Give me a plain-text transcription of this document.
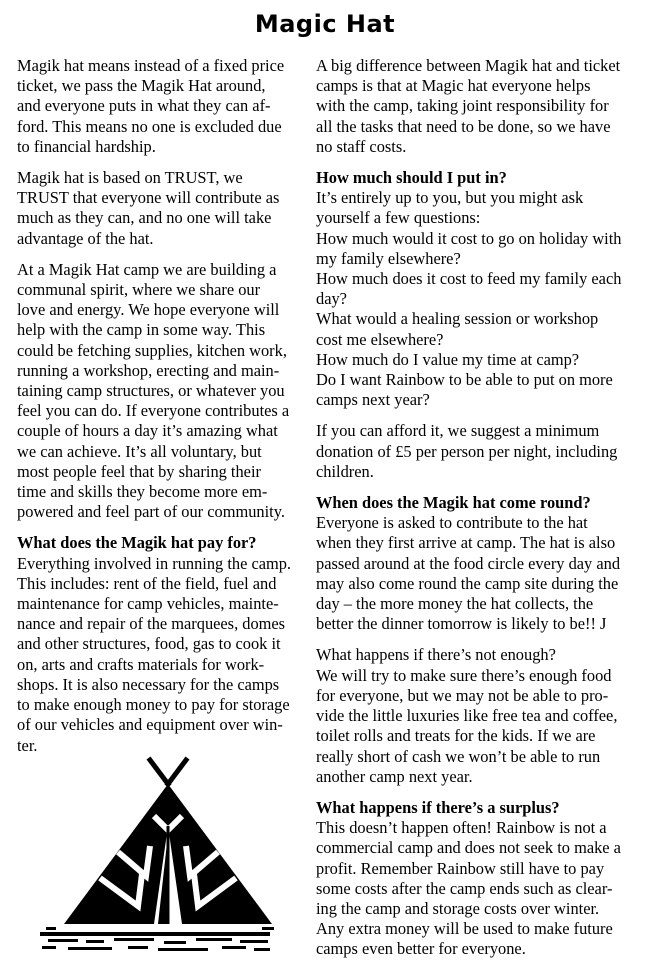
Magic Hat

Magik hat means instead of a fixed price
ticket, we pass the Magik Hat around,
and everyone puts in what they can af-
ford. This means no one is excluded due
to financial hardship.

Magik hat is based on TRUST, we
TRUST that everyone will contribute as
much as they can, and no one will take
advantage of the hat.

At a Magik Hat camp we are building a
communal spirit, where we share our
love and energy. We hope everyone will
help with the camp in some way. This
could be fetching supplies, kitchen work,
running a workshop, erecting and main-
taining camp structures, or whatever you
feel you can do. If everyone contributes a
couple of hours a day it’s amazing what
we can achieve. It’s all voluntary, but
most people feel that by sharing their
time and skills they become more em-
powered and feel part of our community.

What does the Magik hat pay for?

Everything involved in running the camp.
This includes: rent of the field, fuel and
maintenance for camp vehicles, mainte-
nance and repair of the marquees, domes
and other structures, food, gas to cook it
on, arts and crafts materials for work-
shops. It is also necessary for the camps
to make enough money to pay for storage
of our vehicles and equipment over win-
ter.

A big difference between Magik hat and ticket
camps is that at Magic hat everyone helps
with the camp, taking joint responsibility for
all the tasks that need to be done, so we have
no staff costs.

How much should I put in?

It’s entirely up to you, but you might ask
yourself a few questions:
How much would it cost to go on holiday with
my family elsewhere?
How much does it cost to feed my family each
day?
What would a healing session or workshop
cost me elsewhere?
How much do I value my time at camp?
Do I want Rainbow to be able to put on more
camps next year?

If you can afford it, we suggest a minimum
donation of £5 per person per night, including
children.

When does the Magik hat come round?

Everyone is asked to contribute to the hat
when they first arrive at camp. The hat is also
passed around at the food circle every day and
may also come round the camp site during the
day – the more money the hat collects, the
better the dinner tomorrow is likely to be!! J

What happens if there’s not enough?
We will try to make sure there’s enough food
for everyone, but we may not be able to pro-
vide the little luxuries like free tea and coffee,
toilet rolls and treats for the kids. If we are
really short of cash we won’t be able to run
another camp next year.

What happens if there’s a surplus?

This doesn’t happen often! Rainbow is not a
commercial camp and does not seek to make a
profit. Remember Rainbow still have to pay
some costs after the camp ends such as clear-
ing the camp and storage costs over winter.
Any extra money will be used to make future
camps even better for everyone.
